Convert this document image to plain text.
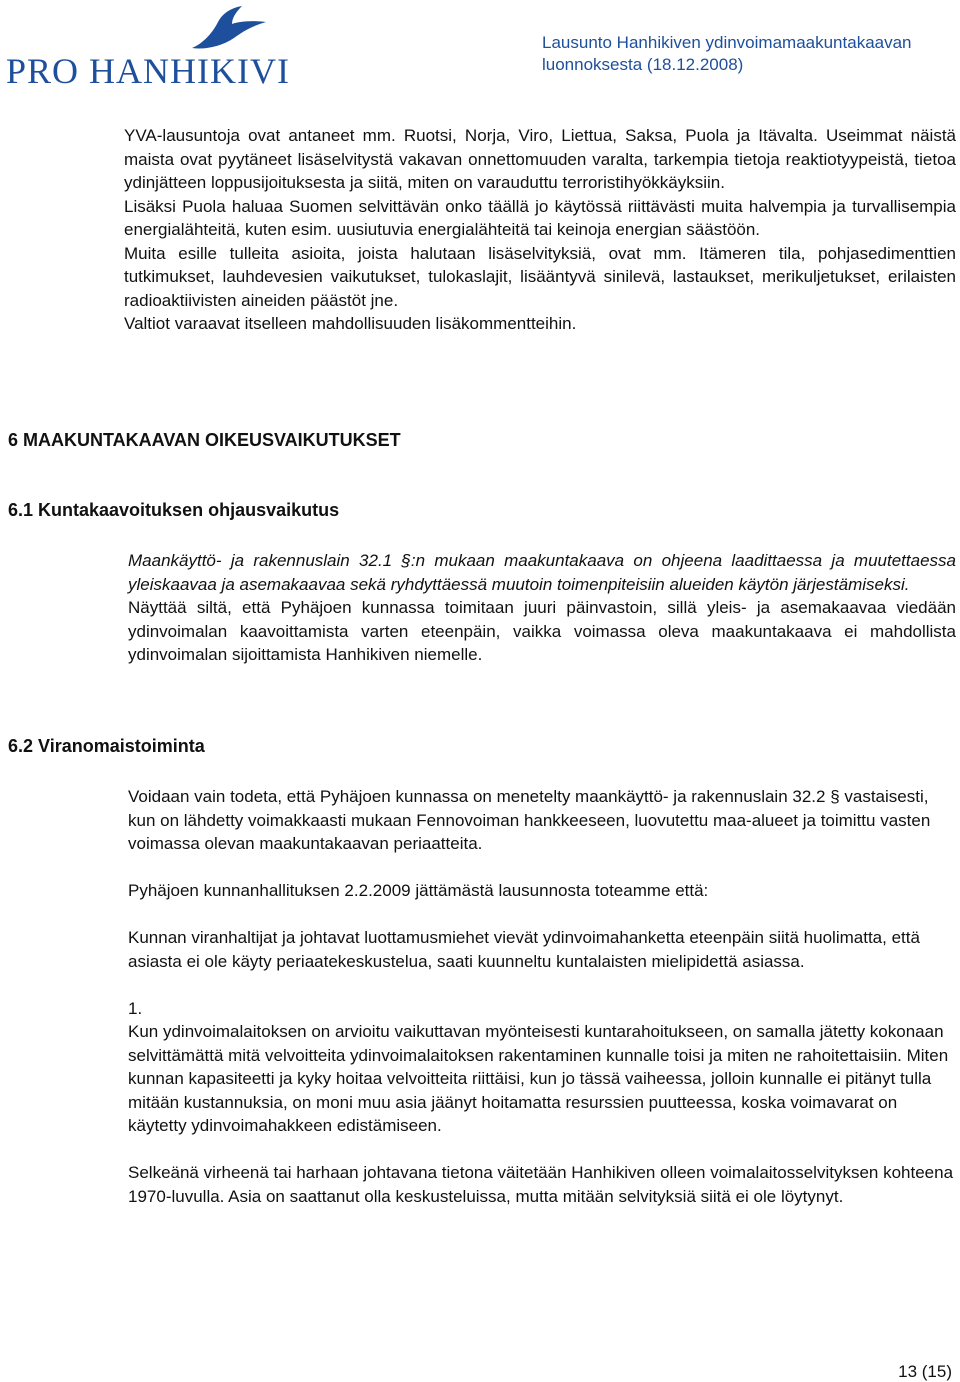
PRO HANHIKIVI
Lausunto Hanhikiven ydinvoimamaakuntakaavan
luonnoksesta (18.12.2008)

YVA-lausuntoja ovat antaneet mm. Ruotsi, Norja, Viro, Liettua, Saksa, Puola ja Itävalta. Useimmat näistä maista ovat pyytäneet lisäselvitystä vakavan onnettomuuden varalta, tarkempia tietoja reaktiotyypeistä, tietoa ydinjätteen loppusijoituksesta ja siitä, miten on varauduttu terroristihyökkäyksiin.

Lisäksi Puola haluaa Suomen selvittävän onko täällä jo käytössä riittävästi muita halvempia ja turvallisempia energialähteitä, kuten esim. uusiutuvia energialähteitä tai keinoja energian säästöön.

Muita esille tulleita asioita, joista halutaan lisäselvityksiä, ovat mm. Itämeren tila, pohjasedimenttien tutkimukset, lauhdevesien vaikutukset, tulokaslajit, lisääntyvä sinilevä, lastaukset, merikuljetukset, erilaisten radioaktiivisten aineiden päästöt jne.

Valtiot varaavat itselleen mahdollisuuden lisäkommentteihin.

6 MAAKUNTAKAAVAN OIKEUSVAIKUTUKSET
6.1 Kuntakaavoituksen ohjausvaikutus

Maankäyttö- ja rakennuslain 32.1 §:n mukaan maakuntakaava on ohjeena laadittaessa ja muutettaessa yleiskaavaa ja asemakaavaa sekä ryhdyttäessä muutoin toimenpiteisiin alueiden käytön järjestämiseksi.

Näyttää siltä, että Pyhäjoen kunnassa toimitaan juuri päinvastoin, sillä yleis- ja asemakaavaa viedään ydinvoimalan kaavoittamista varten eteenpäin, vaikka voimassa oleva maakuntakaava ei mahdollista ydinvoimalan sijoittamista Hanhikiven niemelle.

6.2 Viranomaistoiminta

Voidaan vain todeta, että Pyhäjoen kunnassa on menetelty maankäyttö- ja rakennuslain 32.2 § vastaisesti, kun on lähdetty voimakkaasti mukaan Fennovoiman hankkeeseen, luovutettu maa-alueet ja toimittu vasten voimassa olevan maakuntakaavan periaatteita.

Pyhäjoen kunnanhallituksen 2.2.2009 jättämästä lausunnosta toteamme että:

Kunnan viranhaltijat ja johtavat luottamusmiehet vievät ydinvoimahanketta eteenpäin siitä huolimatta, että asiasta ei ole käyty periaatekeskustelua, saati kuunneltu kuntalaisten mielipidettä asiassa.

1.

Kun ydinvoimalaitoksen on arvioitu vaikuttavan myönteisesti kuntarahoitukseen, on samalla jätetty kokonaan selvittämättä mitä velvoitteita ydinvoimalaitoksen rakentaminen kunnalle toisi ja miten ne rahoitettaisiin. Miten kunnan kapasiteetti ja kyky hoitaa velvoitteita riittäisi, kun jo tässä vaiheessa, jolloin kunnalle ei pitänyt tulla mitään kustannuksia, on moni muu asia jäänyt hoitamatta resurssien puutteessa, koska voimavarat on käytetty ydinvoimahakkeen edistämiseen.

Selkeänä virheenä tai harhaan johtavana tietona väitetään Hanhikiven olleen voimalaitosselvityksen kohteena 1970-luvulla. Asia on saattanut olla keskusteluissa, mutta mitään selvityksiä siitä ei ole löytynyt.

13 (15)
